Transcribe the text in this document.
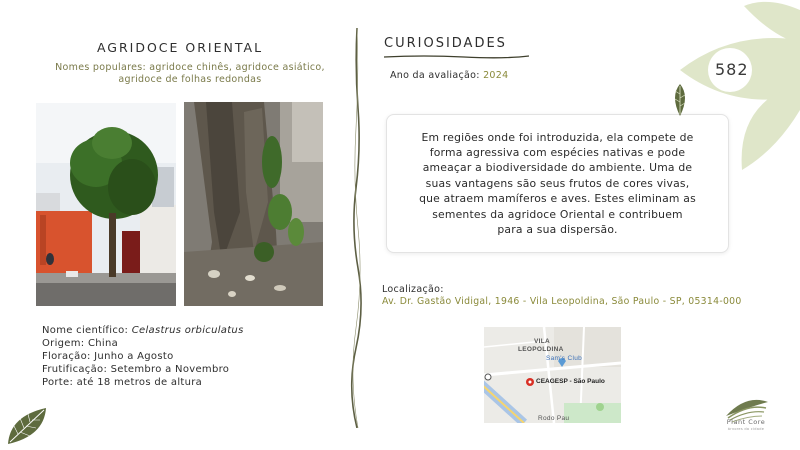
AGRIDOCE ORIENTAL
Nomes populares: agridoce chinês, agridoce asiático,
agridoce de folhas redondas
Nome científico: Celastrus orbiculatus
Origem: China
Floração: Junho a Agosto
Frutificação: Setembro a Novembro
Porte: até 18 metros de altura
CURIOSIDADES
Ano da avaliação: 2024
Em regiões onde foi introduzida, ela compete de
forma agressiva com espécies nativas e pode
ameaçar a biodiversidade do ambiente. Uma de
suas vantagens são seus frutos de cores vivas,
que atraem mamíferos e aves. Estes eliminam as
sementes da agridoce Oriental e contribuem
para a sua dispersão.
Localização:
Av. Dr. Gastão Vidigal, 1946 - Vila Leopoldina, São Paulo - SP, 05314-000
VILA
LEOPOLDINA
Sam's Club
CEAGESP - São Paulo
Rodo Pau
582
Plant Core
árvores da cidade
